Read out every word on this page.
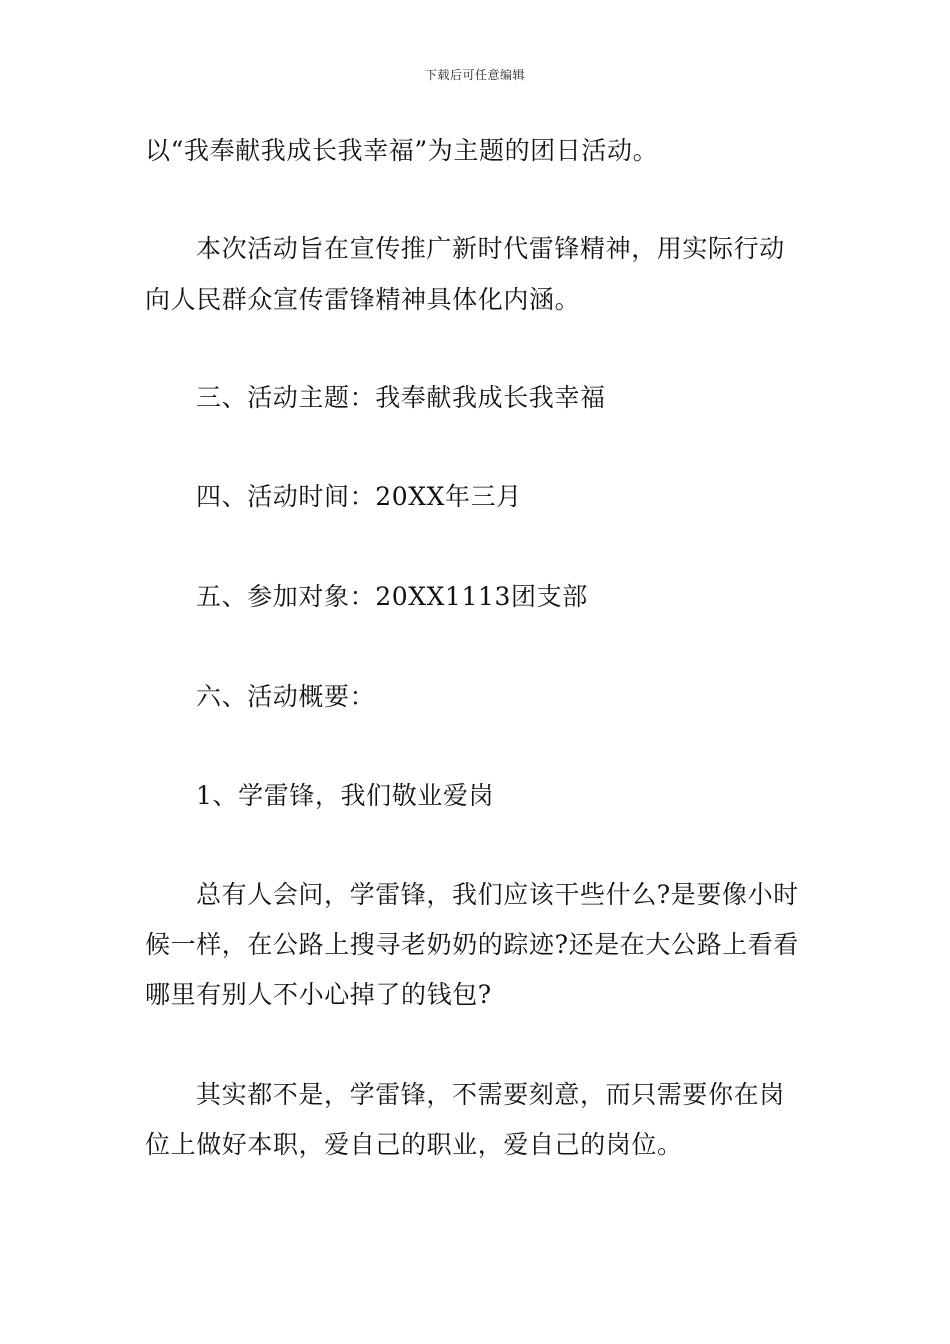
下载后可任意编辑
以“我奉献我成长我幸福”为主题的团日活动。
本次活动旨在宣传推广新时代雷锋精神，用实际行动
向人民群众宣传雷锋精神具体化内涵。
三、活动主题：我奉献我成长我幸福
四、活动时间：20XX年三月
五、参加对象：20XX1113团支部
六、活动概要：
1、学雷锋，我们敬业爱岗
总有人会问，学雷锋，我们应该干些什么?是要像小时
候一样，在公路上搜寻老奶奶的踪迹?还是在大公路上看看
哪里有别人不小心掉了的钱包?
其实都不是，学雷锋，不需要刻意，而只需要你在岗
位上做好本职，爱自己的职业，爱自己的岗位。
